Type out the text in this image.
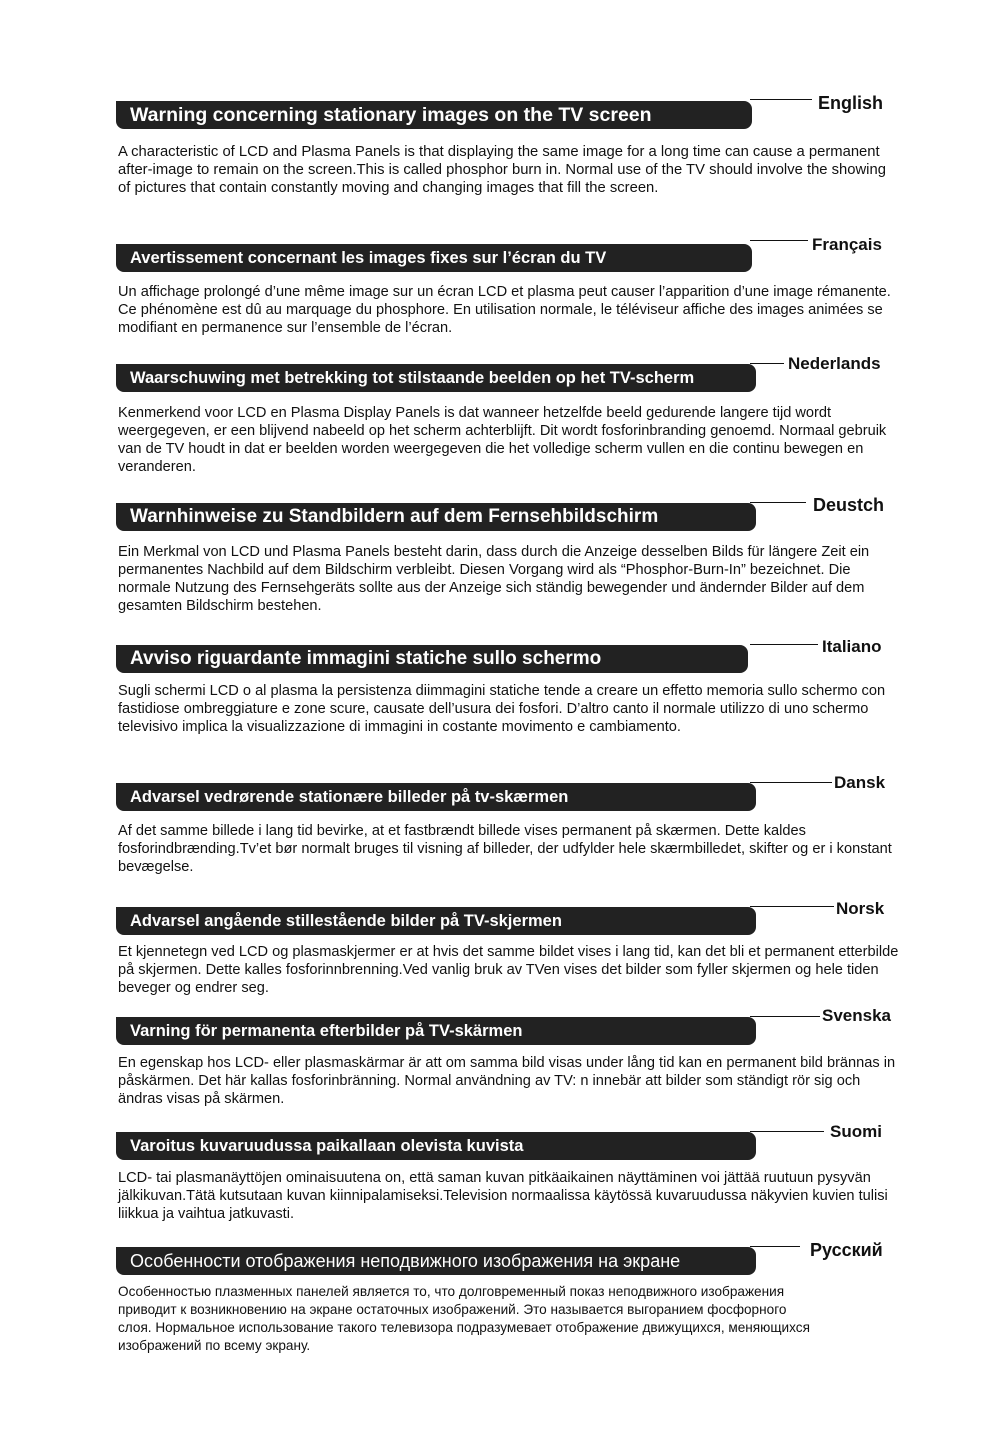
English
Warning concerning stationary images on the TV screen

A characteristic of LCD and Plasma Panels is that displaying the same image for a long time can cause a permanent after-image to remain on the screen.This is called phosphor burn in. Normal use of the TV should involve the showing of pictures that contain constantly moving and changing images that fill the screen.

Français
Avertissement concernant les images fixes sur l’écran du TV

Un affichage prolongé d’une même image sur un écran LCD et plasma peut causer l’apparition d’une image rémanente. Ce phénomène est dû au marquage du phosphore. En utilisation normale, le téléviseur affiche des images animées se modifiant en permanence sur l’ensemble de l’écran.

Nederlands
Waarschuwing met betrekking tot stilstaande beelden op het TV-scherm

Kenmerkend voor LCD en Plasma Display Panels is dat wanneer hetzelfde beeld gedurende langere tijd wordt weergegeven, er een blijvend nabeeld op het scherm achterblijft. Dit wordt fosforinbranding genoemd. Normaal gebruik van de TV houdt in dat er beelden worden weergegeven die het volledige scherm vullen en die continu bewegen en veranderen.

Deustch
Warnhinweise zu Standbildern auf dem Fernsehbildschirm

Ein Merkmal von LCD und Plasma Panels besteht darin, dass durch die Anzeige desselben Bilds für längere Zeit ein permanentes Nachbild auf dem Bildschirm verbleibt. Diesen Vorgang wird als “Phosphor-Burn-In” bezeichnet. Die normale Nutzung des Fernsehgeräts sollte aus der Anzeige sich ständig bewegender und ändernder Bilder auf dem gesamten Bildschirm bestehen.

Italiano
Avviso riguardante immagini statiche sullo schermo

Sugli schermi LCD o al plasma la persistenza diimmagini statiche tende a creare un effetto memoria sullo schermo con fastidiose ombreggiature e zone scure, causate dell’usura dei fosfori. D’altro canto il normale utilizzo di uno schermo televisivo implica la visualizzazione di immagini in costante movimento e cambiamento.

Dansk
Advarsel vedrørende stationære billeder på tv-skærmen

Af det samme billede i lang tid bevirke, at et fastbrændt billede vises permanent på skærmen. Dette kaldes fosforindbrænding.Tv’et bør normalt bruges til visning af billeder, der udfylder hele skærmbilledet, skifter og er i konstant bevægelse.

Norsk
Advarsel angående stillestående bilder på TV-skjermen

Et kjennetegn ved LCD og plasmaskjermer er at hvis det samme bildet vises i lang tid, kan det bli et permanent etterbilde på skjermen. Dette kalles fosforinnbrenning.Ved vanlig bruk av TVen vises det bilder som fyller skjermen og hele tiden beveger og endrer seg.

Svenska
Varning för permanenta efterbilder på TV-skärmen

En egenskap hos LCD- eller plasmaskärmar är att om samma bild visas under lång tid kan en permanent bild brännas in påskärmen. Det här kallas fosforinbränning. Normal användning av TV: n innebär att bilder som ständigt rör sig och ändras visas på skärmen.

Suomi
Varoitus kuvaruudussa paikallaan olevista kuvista

LCD- tai plasmanäyttöjen ominaisuutena on, että saman kuvan pitkäaikainen näyttäminen voi jättää ruutuun pysyvän jälkikuvan.Tätä kutsutaan kuvan kiinnipalamiseksi.Television normaalissa käytössä kuvaruudussa näkyvien kuvien tulisi liikkua ja vaihtua jatkuvasti.

Русский
Особенности отображения неподвижного изображения на экране

Особенностью плазменных панелей является то, что долговременный показ неподвижного изображения приводит к возникновению на экране остаточных изображений. Это называется выгоранием фосфорного слоя. Нормальное использование такого телевизора подразумевает отображение движущихся, меняющихся изображений по всему экрану.
